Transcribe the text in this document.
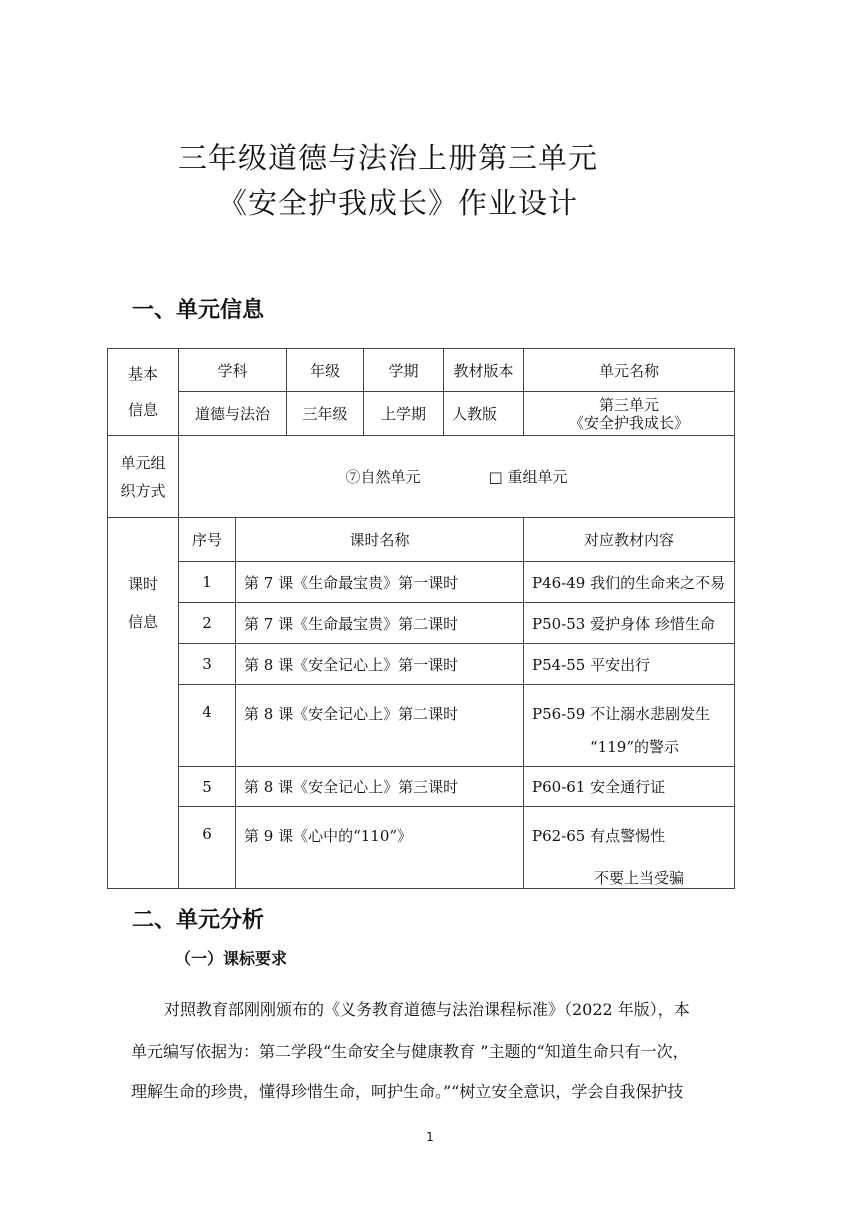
三年级道德与法治上册第三单元
《安全护我成长》作业设计
一、单元信息
基本
信息	学科		年级	学期	教材版本	单元名称
	道德与法治		三年级	上学期	人教版	第三单元
《安全护我成长》

单元组
织方式	⑦自然单元 □ 重组单元					

课时
信息	序号	课时名称				对应教材内容
	1	第 7 课《生命最宝贵》第一课时				P46-49 我们的生命来之不易
	2	第 7 课《生命最宝贵》第二课时				P50-53 爱护身体 珍惜生命
	3	第 8 课《安全记心上》第一课时				P54-55 平安出行
	4	第 8 课《安全记心上》第二课时				P56-59 不让溺水悲剧发生
“119”的警示

	5	第 8 课《安全记心上》第三课时				P60-61 安全通行证
	6	第 9 课《心中的“110”》				P62-65 有点警惕性
不要上当受骗
二、单元分析
（一）课标要求
对照教育部刚刚颁布的《义务教育道德与法治课程标准》（2022 年版），本
单元编写依据为：第二学段“生命安全与健康教育 ”主题的“知道生命只有一次，
理解生命的珍贵，懂得珍惜生命，呵护生命。”“树立安全意识，学会自我保护技
1
